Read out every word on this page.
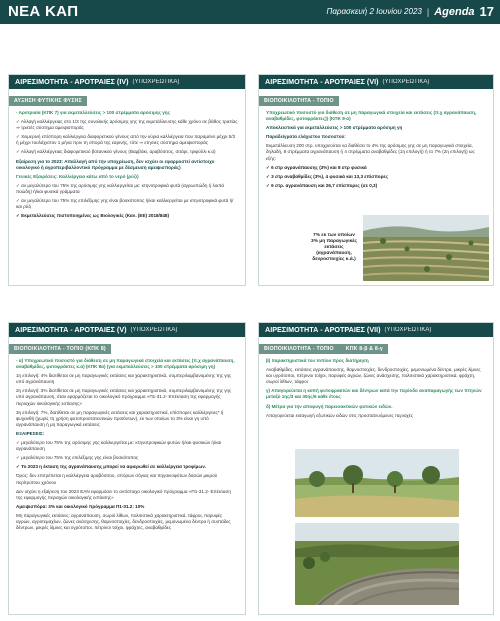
ΝΕΑ ΚΑΠ	Παρασκευή 2 Ιουνίου 2023 | Agenda 17
ΑΙΡΕΣΙΜΟΤΗΤΑ - ΑΡΟΤΡΑΙΕΣ (IV) (ΥΠΟΧΡΕΩΤΙΚΑ)
ΑΥΞΗΣΗ ΦΥΤΙΚΗΣ ΦΥΣΗΣ

- Αροτριαία (ΚΠΚ 7) για εκμεταλλεύσεις > 100 στρέμματα αρόσιμης γης

✓ Αλλαγή καλλιέργειας στο 1/3 της συνολικής αρόσιμης γης της εκμετάλλευσης κάθε χρόνο σε βάθος τριετίας ⇒ τριετές σύστημα αμειψισποράς

✓ Χειμερινή επίσπορη καλλιέργεια διαφορετικού γένους από την κύρια καλλιέργεια που παραμένει μέχρι 5/3 ή μέχρι τουλάχιστον 1 μήνα πριν τη σπορά της εαρινής, τότε ⇒ ετησιες σύστημα αμειψισποράς

✓ Αλλαγή καλλιέργειας διαφορετικού βοτανικού γένους (Βαμβάκι, αραβόσιτος, σιτάρι, τριφύλλι κ.α)

Εξαίρεση για το 2023: Απαλλαγή από την υποχρέωση, δεν ισχύει οι εφαρμοστεί αντίστοιχο οικολογικό ή αγροπεριβαλλοντικό πρόγραμμα με δέσμευση αμειψισποράς)

Γενικές Εξαιρέσεις: Καλλιέργεια κάτω από το νερό (ρύζι)

✓ αν μεγαλύτερο του 75% της αρόσιμης γης καλλιεργείται με: κτηνοτροφικά φυτά (αγρωστώδη ή λοιπά ποώδη) ή/και φυσικά γράμματα

✓ αν μεγαλύτερο του 75% της επιλέξιμης γης είναι βοσκότοπος ή/και καλλιεργείται με κτηνοτροφικά φυτά ή/και ρύζι

✓ Εκμεταλλεύσεις πιστοποιημένες ως Βιολογικές (Καν. (ΕΕ) 2018/848)

ΑΙΡΕΣΙΜΟΤΗΤΑ - ΑΡΟΤΡΑΙΕΣ (VI) (ΥΠΟΧΡΕΩΤΙΚΑ)
ΒΙΟΠΟΙΚΙΛΟΤΗΤΑ - ΤΟΠΙΟ

Υποχρεωτικό ποσοστό για διάθεση σε μη παραγωγικά στοιχεία και εκτάσεις (π.χ αγρανάπαυση, αναβαθμίδες, φυτοφράκτες)) (ΚΠΚ 8-α)

Αποκλειστικά για εκμεταλλεύσεις > 100 στρέμματα αρόσιμη γη

Παραδείγματα ελάχιστου ποσοστού:

Εκμετάλλευση 200 στρ. υποχρεούται να διαθέσει το 4% της αρόσιμης γης σε μη παραγωγικά στοιχεία, δηλαδή, 8 στρέμματα αγρανάπαυση ή 4 στρέμματα αναβαθμίδες (1η επιλογή) ή το 7% (2η επιλογή) ως εξής:

✓ 6 στρ αγρανάπαυσης (3%) και 8 στρ φυσικά

✓ 3 στρ αναβαθμίδες (3%), 4 φυσικά και 13,3 επίσπορες

✓ 6 στρ. αγρανάπαυση και 26,7 επίσπορες (σε 0,3)

7% εκ των οποίων 3% μη παραγωγικές εκτάσεις (αγρανάπαυση, δενροστοιχίες κ.ά.)
ΑΙΡΕΣΙΜΟΤΗΤΑ - ΑΡΟΤΡΑΙΕΣ (V) (ΥΠΟΧΡΕΩΤΙΚΑ)
ΒΙΟΠΟΙΚΙΛΟΤΗΤΑ - ΤΟΠΙΟ (ΚΠΚ 8)

- α) Υποχρεωτικό ποσοστό για διάθεση σε μη παραγωγικά στοιχεία και εκτάσεις (π.χ αγρανάπαυση, αναβαθμίδες, φυτοφράκτες κ.α) (ΚΠΚ 8α) (για εκμεταλλεύσεις > 100 στρέμματα αρόσιμη γη)

1η επιλογή: 4% διατίθεται σε μη παραγωγικές εκτάσεις και χαρακτηριστικά, συμπεριλαμβανομένης της γης υπό αγρανάπαυση

2η επιλογή: 3% διατίθεται σε μη παραγωγικές εκτάσεις και χαρακτηριστικά, συμπεριλαμβανομένης της γης υπό αγρανάπαυση, όταν εφαρμόζεται το οικολογικό πρόγραμμα «Π1-31.2- Επέκταση της εφαρμογής περιοχών οικολογικής εστίασης»

3η επιλογή: 7%, διατίθεται σε μη παραγωγικές εκτάσεις και χαρακτηριστικά, επίσπορες καλλιέργειες* ή ψυχανθή (χωρίς τη χρήση φυτοπροστατευτικών προϊόντων), εκ των οποίων το 3% είναι γη υπό αγρανάπαυση ή μη παραγωγικά εκτάσεις

ΕΞΑΙΡΕΣΕΙΣ:

✓ μεγαλύτερο του 75% της αρόσιμης γης καλλιεργείται με: κτηνοτροφικών φυτών ή/και φυσικών ή/και αγρανάπαυση

✓ μεγαλύτερο του 75% της επιλέξιμης γης είναι βοσκότοπος

✓ Το 2023 η έκταση της αγρανάπαυσης μπορεί να αφιερωθεί σε καλλιέργεια τροφίμων.

Όρος: δεν επιτρέπεται η καλλιέργεια αραβόσιτου, σπόρων σόγιας και πηγαινοφύτων δασών μικρού περίτροπου χρόνου

Δεν ισχύει η εξαίρεση του 2023 ΕΑΝ εφαρμόσει το αντίστοιχο οικολογικό πρόγραμμα «Π1-31.2- Επέκταση της εφαρμογής περιοχών οικολογικής εστίασης»

Αμειψισπόρα: 3% και οικολογικό πρόγραμμα Π1-31.2: 10%

Μη παραγωγικές εκτάσεις: αγρανάπαυση, σωροί λίθων, πολιτιστικά χαρακτηριστικά, τάφροι, παρυφές αγρών, αγροτεμαχίων, ζώνες ανάσχεσης, θαμνοστοιχίες, δενδροστοιχίες, μεμονωμένα δέντρα ή συστάδες δέντρων, μικρές λίμνες και υγρότοποι, πέτρινοι τοίχοι, φράχτες, αναβαθμίδες

ΑΙΡΕΣΙΜΟΤΗΤΑ - ΑΡΟΤΡΑΙΕΣ (VII) (ΥΠΟΧΡΕΩΤΙΚΑ)
ΒΙΟΠΟΙΚΙΛΟΤΗΤΑ - ΤΟΠΙΟ ΚΠΚ 8-β & 8-γ

β) Χαρακτηριστικά του τοπίου προς διατήρηση

Αναβαθμίδες, εκτάσεις αγρανάπαυσης, θαμνοστοιχίες, δενδροστοιχίες, μεμονωμένα δέντρα, μικρές λίμνες και υγρότοποι, πέτρινοι τοίχοι, παρυφές αγρών, ζώνες ανάσχεσης, πολιτιστικά χαρακτηριστικά, φράχτη, σωροί λίθων, τάφροι

γ) Απαγορεύεται η κοπή φυτοφρακτών και δέντρων κατά την περίοδο αναπαραγωγής των πτηνών μεταξύ 1ης/3 και 30ης/6 κάθε έτους

δ) Μέτρα για την αποφυγή παρεισακτικών φυτικών ειδών.

Απαγορεύεται εισαγωγή εξωτικών ειδών στις προστατευόμενες περιοχές
